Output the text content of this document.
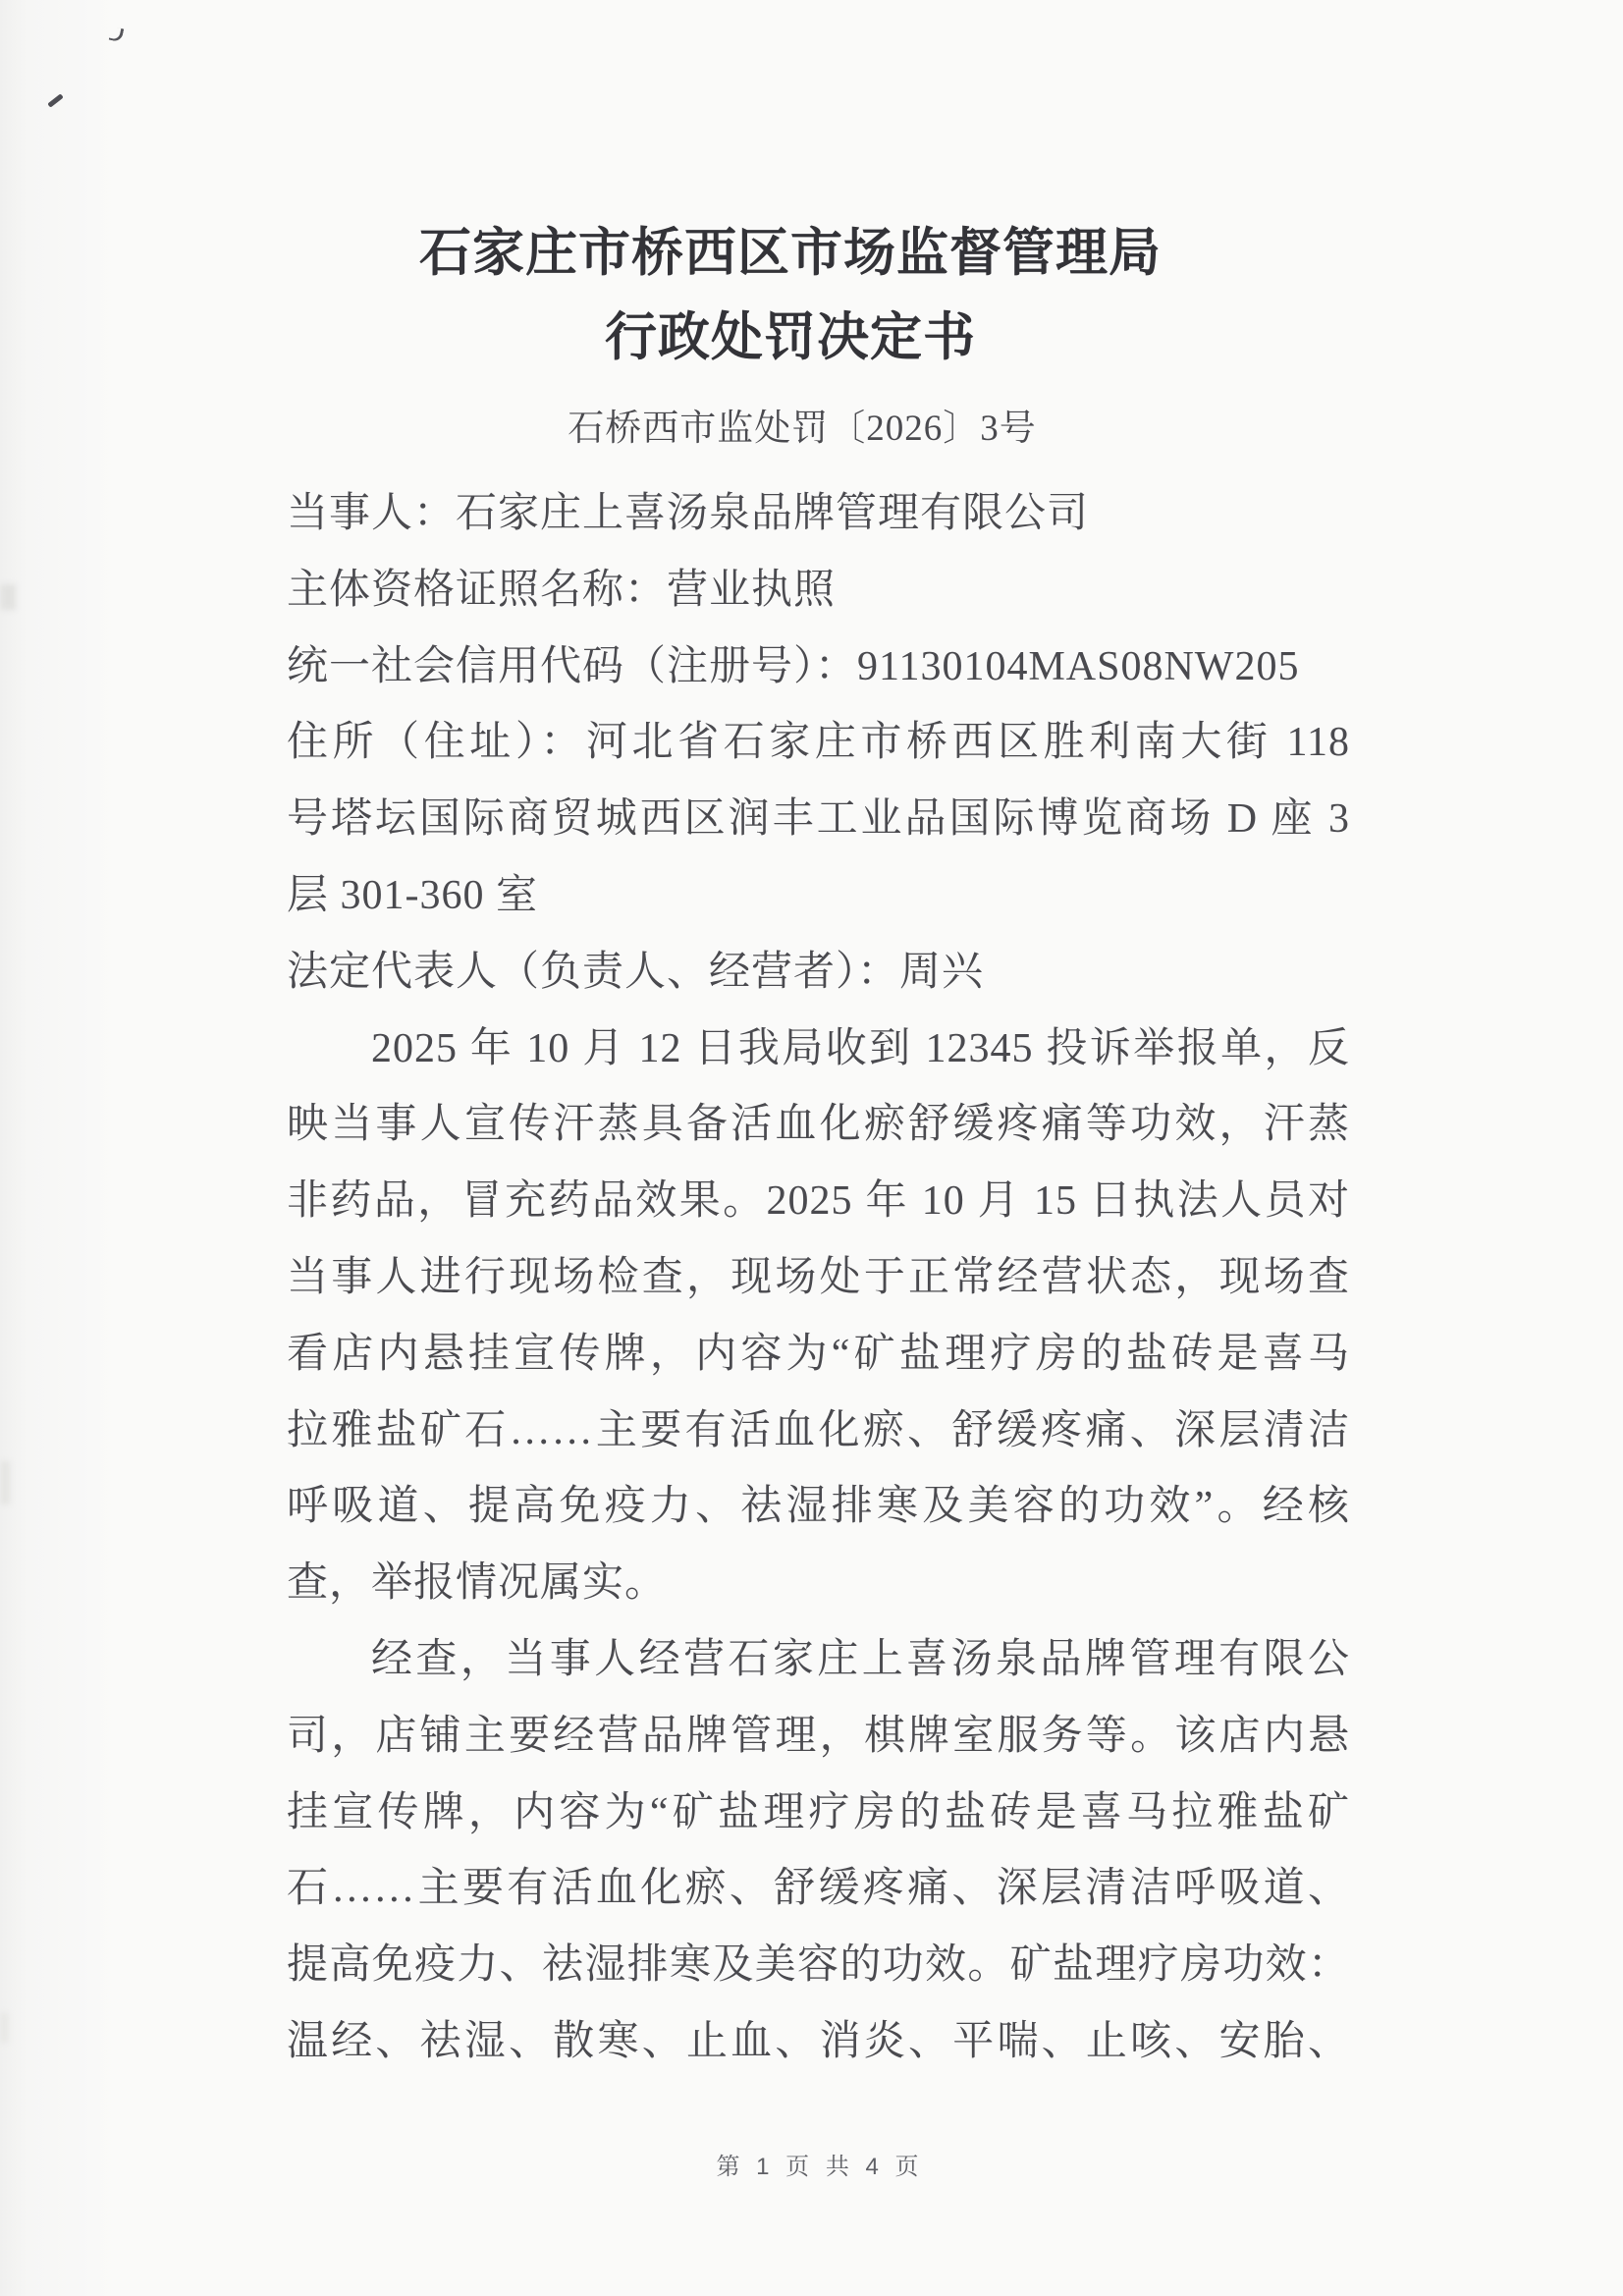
石家庄市桥西区市场监督管理局
行政处罚决定书
石桥西市监处罚〔2026〕3号

当事人：石家庄上喜汤泉品牌管理有限公司

主体资格证照名称：营业执照

统一社会信用代码（注册号）：91130104MAS08NW205

住所（住址）：河北省石家庄市桥西区胜利南大街 118

号塔坛国际商贸城西区润丰工业品国际博览商场 D 座 3

层 301-360 室

法定代表人（负责人、经营者）：周兴

2025 年 10 月 12 日我局收到 12345 投诉举报单，反

映当事人宣传汗蒸具备活血化瘀舒缓疼痛等功效，汗蒸

非药品，冒充药品效果。2025 年 10 月 15 日执法人员对

当事人进行现场检查，现场处于正常经营状态，现场查

看店内悬挂宣传牌，内容为“矿盐理疗房的盐砖是喜马

拉雅盐矿石……主要有活血化瘀、舒缓疼痛、深层清洁

呼吸道、提高免疫力、祛湿排寒及美容的功效”。经核

查，举报情况属实。

经查，当事人经营石家庄上喜汤泉品牌管理有限公

司，店铺主要经营品牌管理，棋牌室服务等。该店内悬

挂宣传牌，内容为“矿盐理疗房的盐砖是喜马拉雅盐矿

石……主要有活血化瘀、舒缓疼痛、深层清洁呼吸道、

提高免疫力、祛湿排寒及美容的功效。矿盐理疗房功效：

温经、祛湿、散寒、止血、消炎、平喘、止咳、安胎、

第 1 页 共 4 页
